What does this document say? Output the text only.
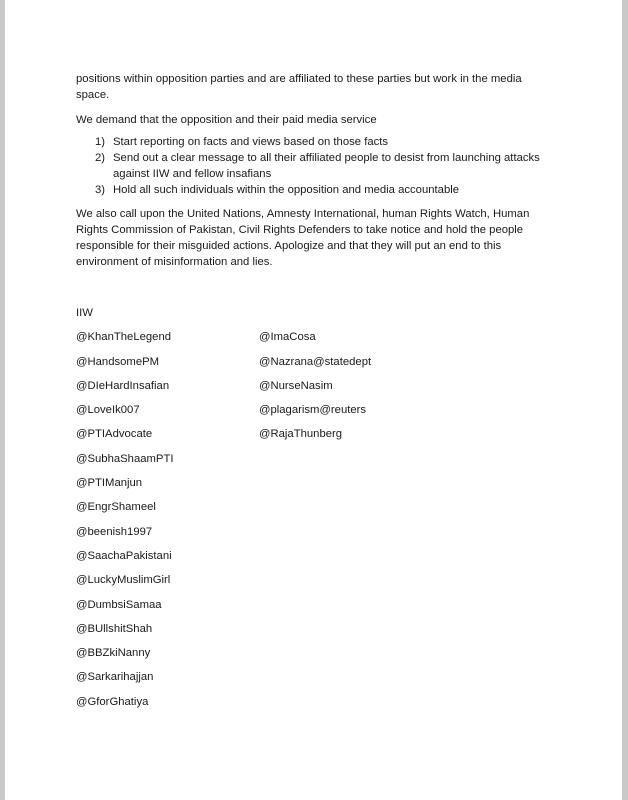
positions within opposition parties and are affiliated to these parties but work in the media space.

We demand that the opposition and their paid media service

1) Start reporting on facts and views based on those facts
2) Send out a clear message to all their affiliated people to desist from launching attacks against IIW and fellow insafians
3) Hold all such individuals within the opposition and media accountable

We also call upon the United Nations, Amnesty International, human Rights Watch, Human Rights Commission of Pakistan, Civil Rights Defenders to take notice and hold the people responsible for their misguided actions. Apologize and that they will put an end to this environment of misinformation and lies.

IIW
@KhanTheLegend
@HandsomePM
@DIeHardInsafian
@LoveIk007
@PTIAdvocate
@SubhaShaamPTI
@PTIManjun
@EngrShameel
@beenish1997
@SaachaPakistani
@LuckyMuslimGirl
@DumbsiSamaa
@BUllshitShah
@BBZkiNanny
@Sarkarihajjan
@GforGhatiya
@ImaCosa
@Nazrana@statedept
@NurseNasim
@plagarism@reuters
@RajaThunberg
